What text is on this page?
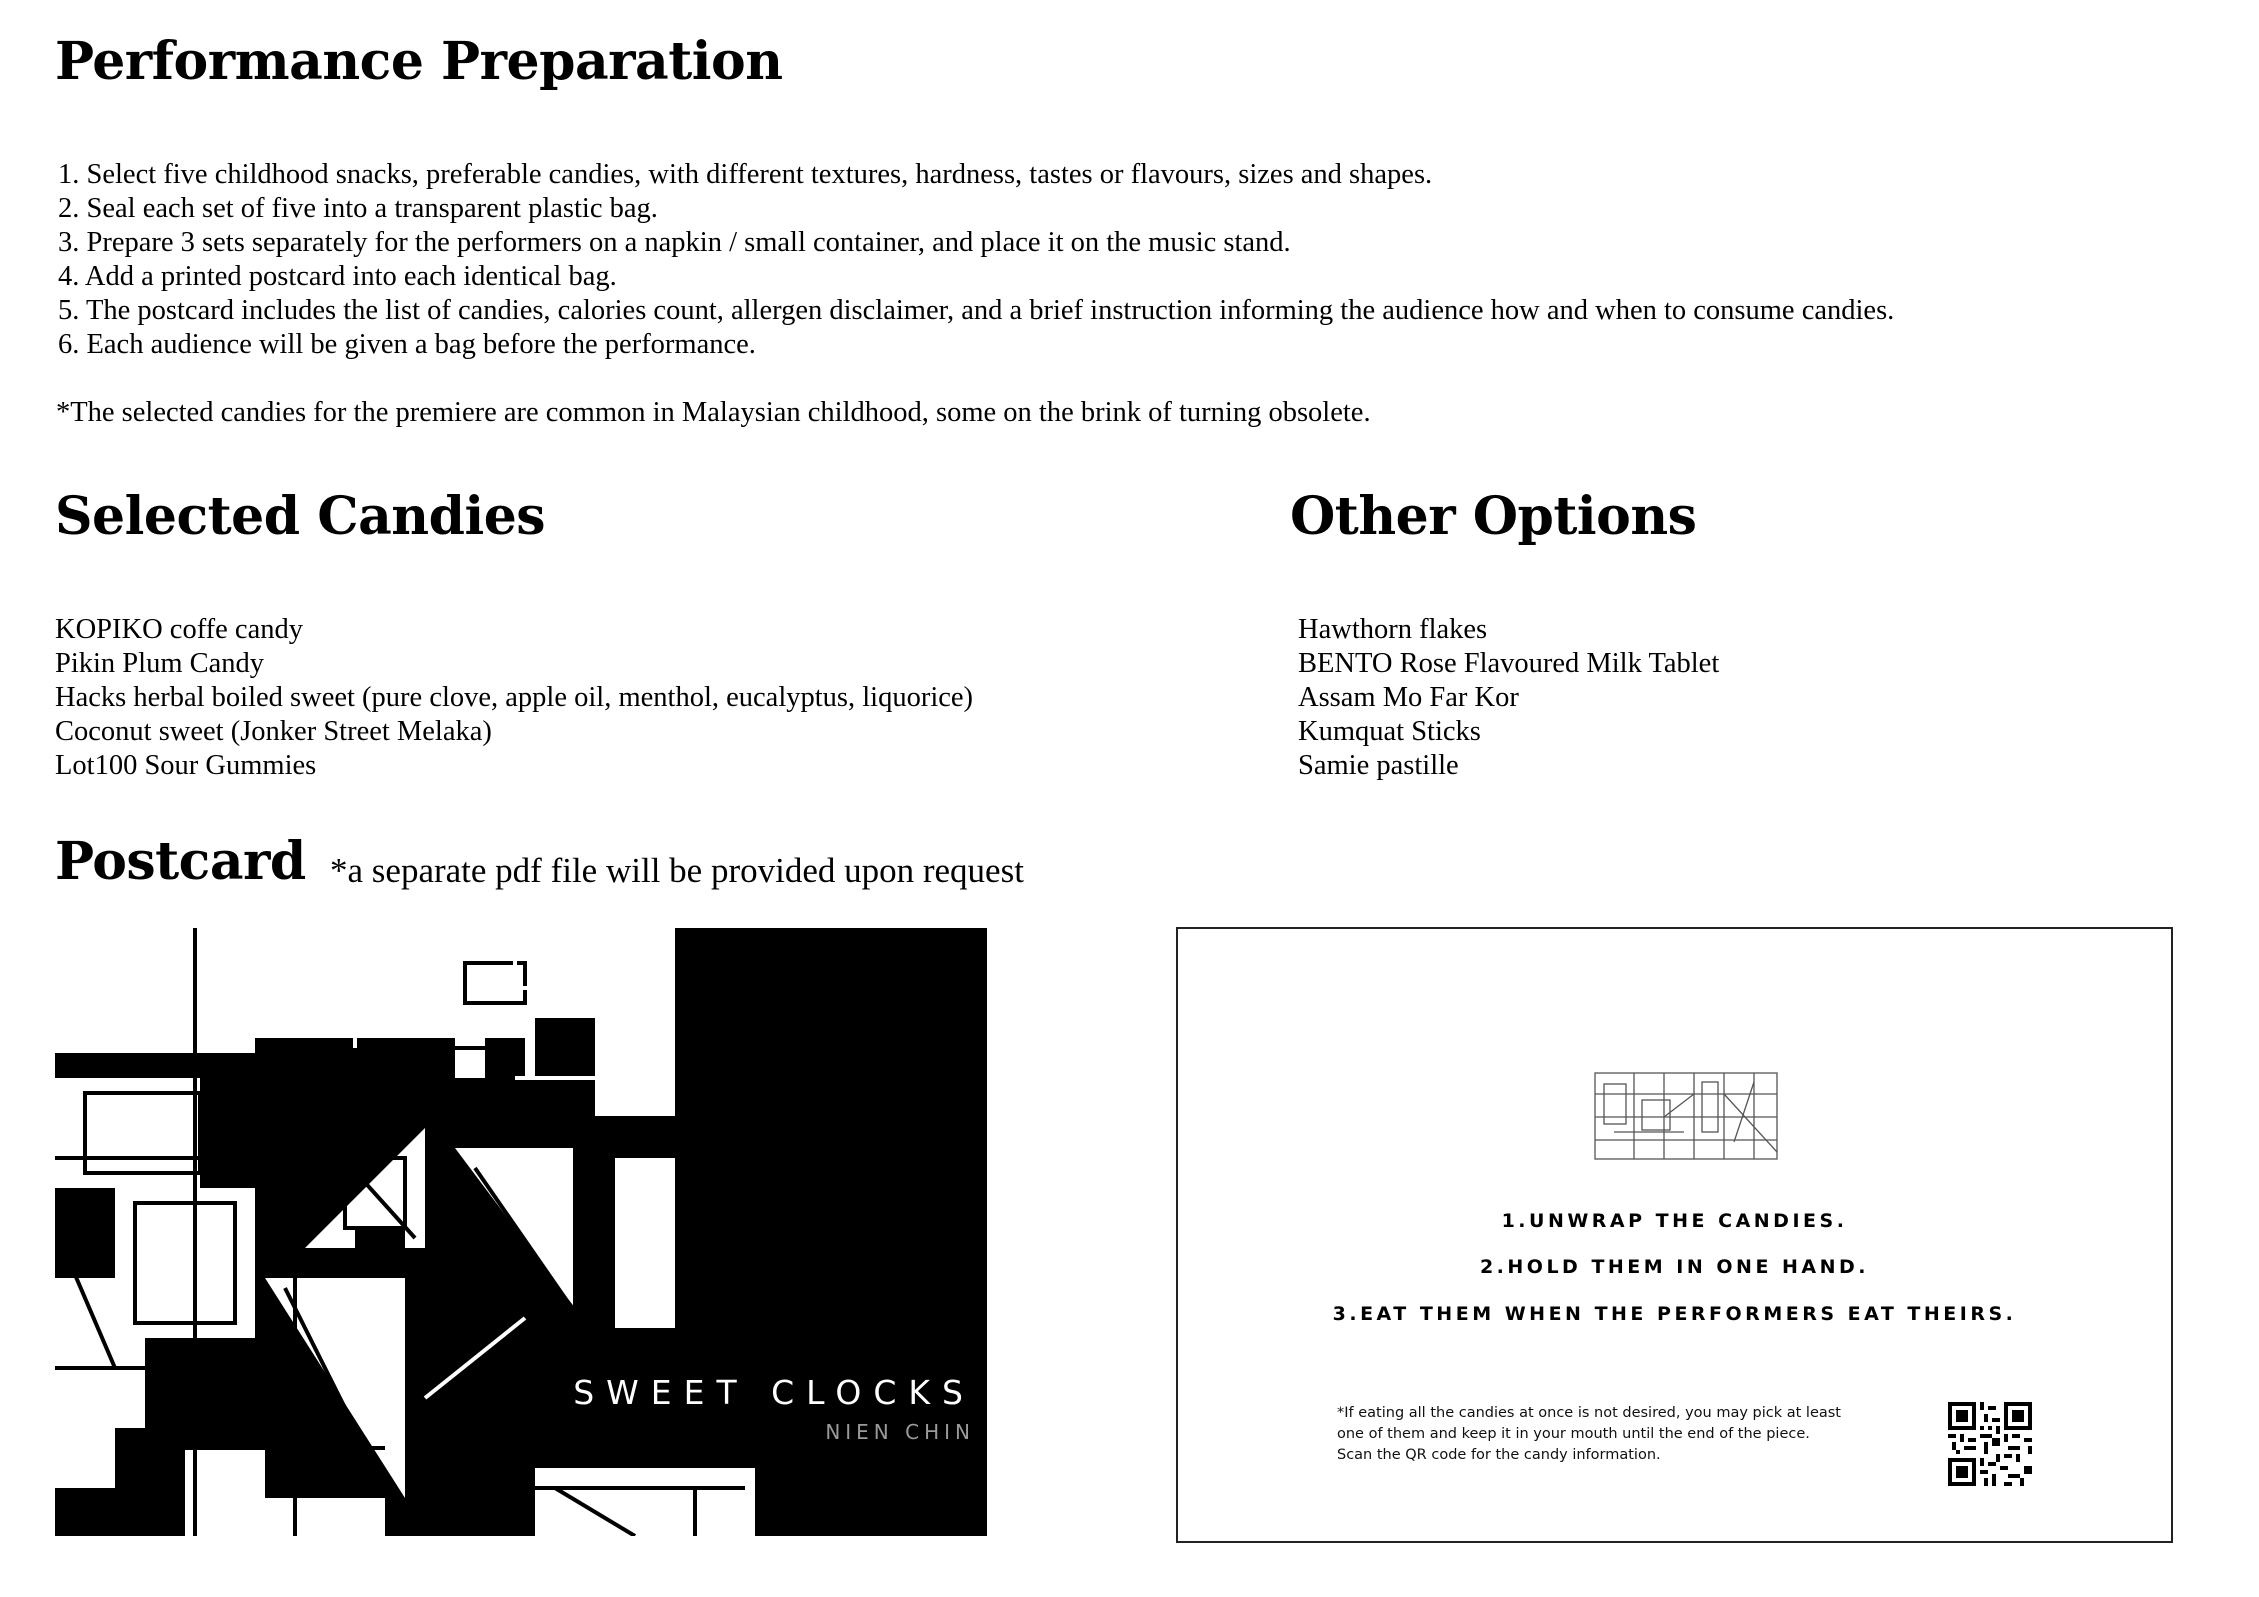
Performance Preparation
1. Select five childhood snacks, preferable candies, with different textures, hardness, tastes or flavours, sizes and shapes.
2. Seal each set of five into a transparent plastic bag.
3. Prepare 3 sets separately for the performers on a napkin / small container, and place it on the music stand.
4. Add a printed postcard into each identical bag.
5. The postcard includes the list of candies, calories count, allergen disclaimer, and a brief instruction informing the audience how and when to consume candies.
6. Each audience will be given a bag before the performance.

*The selected candies for the premiere are common in Malaysian childhood, some on the brink of turning obsolete.

Selected Candies
KOPIKO coffe candy
Pikin Plum Candy
Hacks herbal boiled sweet (pure clove, apple oil, menthol, eucalyptus, liquorice)
Coconut sweet (Jonker Street Melaka)
Lot100 Sour Gummies
Other Options
Hawthorn flakes
BENTO Rose Flavoured Milk Tablet
Assam Mo Far Kor
Kumquat Sticks
Samie pastille
Postcard *a separate pdf file will be provided upon request

SWEET CLOCKS
NIEN CHIN
1.UNWRAP THE CANDIES.
2.HOLD THEM IN ONE HAND.
3.EAT THEM WHEN THE PERFORMERS EAT THEIRS.
*If eating all the candies at once is not desired, you may pick at least
one of them and keep it in your mouth until the end of the piece.
Scan the QR code for the candy information.
